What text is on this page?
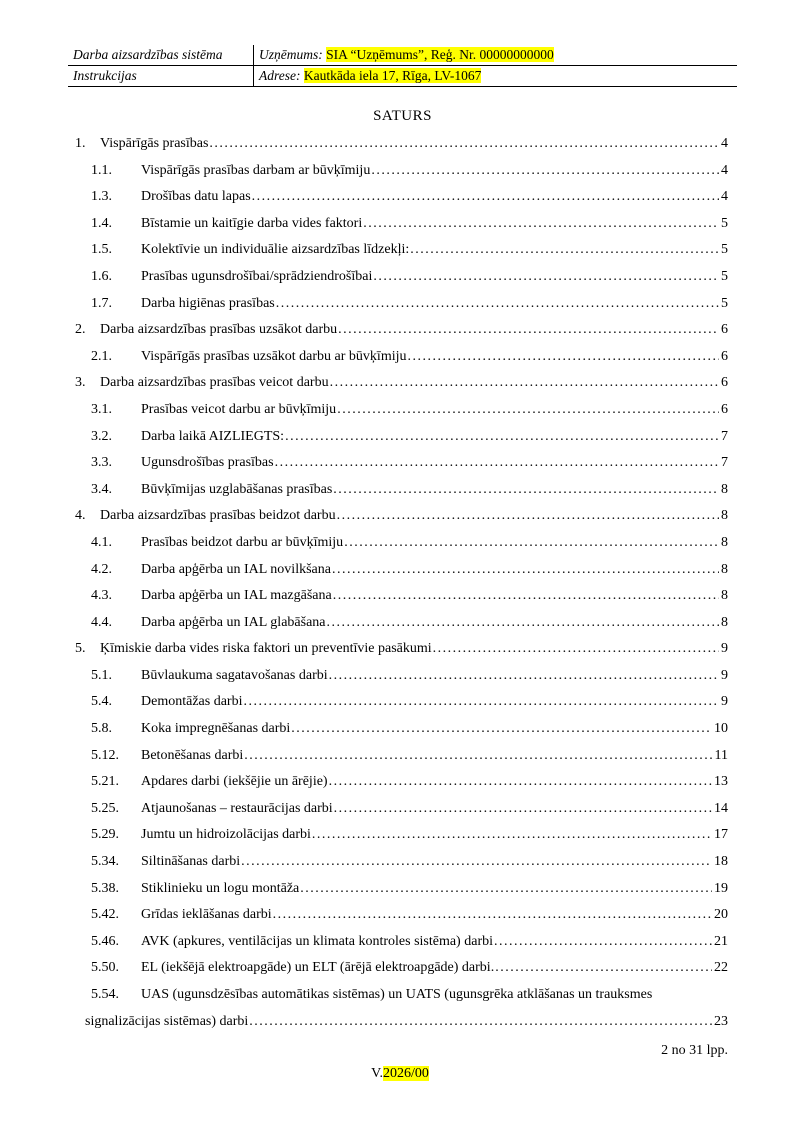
Darba aizsardzības sistēma	Uzņēmums: SIA “Uzņēmums”, Reģ. Nr. 00000000000
Instrukcijas	Adrese: Kautkāda iela 17, Rīga, LV-1067
SATURS
1.	Vispārīgās prasības .....	4
1.1.	Vispārīgās prasības darbam ar būvķīmiju .....	4
1.3.	Drošības datu lapas .....	4
1.4.	Bīstamie un kaitīgie darba vides faktori .....	5
1.5.	Kolektīvie un individuālie aizsardzības līdzekļi: .....	5
1.6.	Prasības ugunsdrošībai/sprādziendrošībai .....	5
1.7.	Darba higiēnas prasības .....	5
2.	Darba aizsardzības prasības uzsākot darbu .....	6
2.1.	Vispārīgās prasības uzsākot darbu ar būvķīmiju .....	6
3.	Darba aizsardzības prasības veicot darbu .....	6
3.1.	Prasības veicot darbu ar būvķīmiju .....	6
3.2.	Darba laikā AIZLIEGTS: .....	7
3.3.	Ugunsdrošības prasības .....	7
3.4.	Būvķīmijas uzglabāšanas prasības .....	8
4.	Darba aizsardzības prasības beidzot darbu .....	8
4.1.	Prasības beidzot darbu ar būvķīmiju .....	8
4.2.	Darba apģērba un IAL novilkšana .....	8
4.3.	Darba apģērba un IAL mazgāšana .....	8
4.4.	Darba apģērba un IAL glabāšana .....	8
5.	Ķīmiskie darba vides riska faktori un preventīvie pasākumi .....	9
5.1.	Būvlaukuma sagatavošanas darbi .....	9
5.4.	Demontāžas darbi .....	9
5.8.	Koka impregnēšanas darbi .....	10
5.12.	Betonēšanas darbi .....	11
5.21.	Apdares darbi (iekšējie un ārējie) .....	13
5.25.	Atjaunošanas – restaurācijas darbi .....	14
5.29.	Jumtu un hidroizolācijas darbi .....	17
5.34.	Siltināšanas darbi .....	18
5.38.	Stiklinieku un logu montāža .....	19
5.42.	Grīdas ieklāšanas darbi .....	20
5.46.	AVK (apkures, ventilācijas un klimata kontroles sistēma) darbi .....	21
5.50.	EL (iekšējā elektroapgāde) un ELT (ārējā elektroapgāde) darbi. .....	22
5.54.	UAS (ugunsdzēsības automātikas sistēmas) un UATS (ugunsgrēka atklāšanas un trauksmes
signalizācijas sistēmas) darbi .....	23
2 no 31 lpp.
V.2026/00
